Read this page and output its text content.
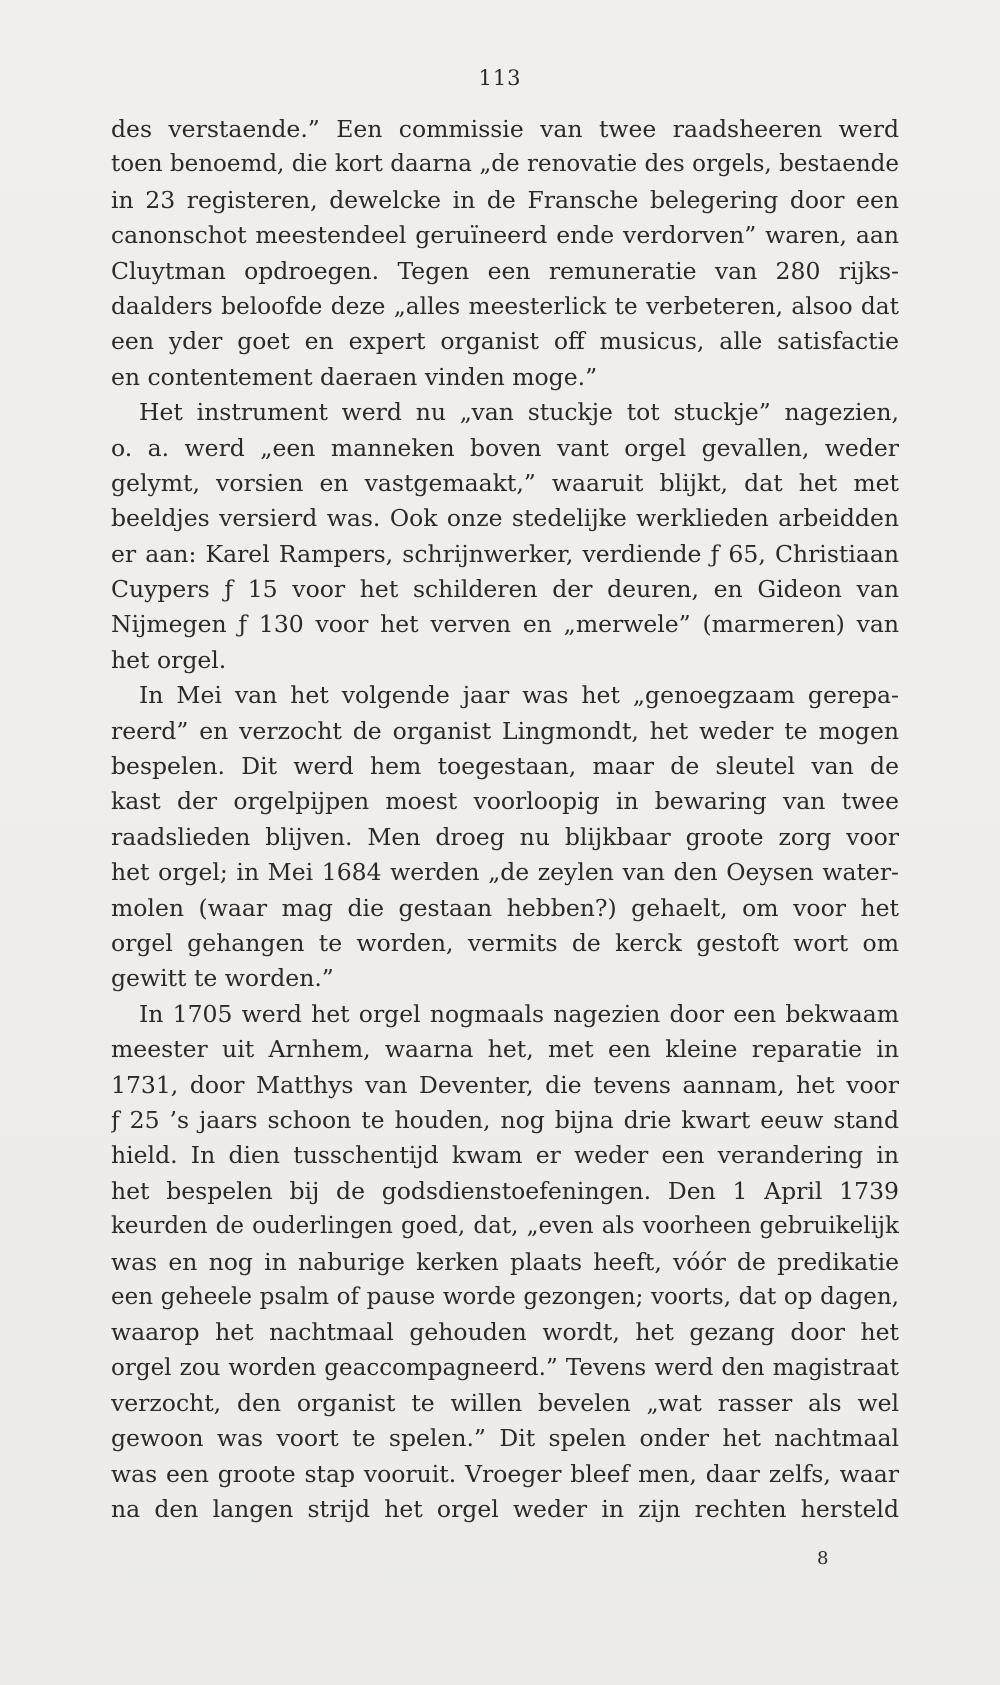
113
des verstaende.” Een commissie van twee raadsheeren werd
toen benoemd, die kort daarna „de renovatie des orgels, bestaende
in 23 registeren, dewelcke in de Fransche belegering door een
canonschot meestendeel geruïneerd ende verdorven” waren, aan
Cluytman opdroegen. Tegen een remuneratie van 280 rijks-
daalders beloofde deze „alles meesterlick te verbeteren, alsoo dat
een yder goet en expert organist off musicus, alle satisfactie
en contentement daeraen vinden moge.”
Het instrument werd nu „van stuckje tot stuckje” nagezien,
o. a. werd „een manneken boven vant orgel gevallen, weder
gelymt, vorsien en vastgemaakt,” waaruit blijkt, dat het met
beeldjes versierd was. Ook onze stedelijke werklieden arbeidden
er aan: Karel Rampers, schrijnwerker, verdiende ƒ 65, Christiaan
Cuypers ƒ 15 voor het schilderen der deuren, en Gideon van
Nijmegen ƒ 130 voor het verven en „merwele” (marmeren) van
het orgel.
In Mei van het volgende jaar was het „genoegzaam gerepa-
reerd” en verzocht de organist Lingmondt, het weder te mogen
bespelen. Dit werd hem toegestaan, maar de sleutel van de
kast der orgelpijpen moest voorloopig in bewaring van twee
raadslieden blijven. Men droeg nu blijkbaar groote zorg voor
het orgel; in Mei 1684 werden „de zeylen van den Oeysen water-
molen (waar mag die gestaan hebben?) gehaelt, om voor het
orgel gehangen te worden, vermits de kerck gestoft wort om
gewitt te worden.”
In 1705 werd het orgel nogmaals nagezien door een bekwaam
meester uit Arnhem, waarna het, met een kleine reparatie in
1731, door Matthys van Deventer, die tevens aannam, het voor
ƒ 25 ’s jaars schoon te houden, nog bijna drie kwart eeuw stand
hield. In dien tusschentijd kwam er weder een verandering in
het bespelen bij de godsdienstoefeningen. Den 1 April 1739
keurden de ouderlingen goed, dat, „even als voorheen gebruikelijk
was en nog in naburige kerken plaats heeft, vóór de predikatie
een geheele psalm of pause worde gezongen; voorts, dat op dagen,
waarop het nachtmaal gehouden wordt, het gezang door het
orgel zou worden geaccompagneerd.” Tevens werd den magistraat
verzocht, den organist te willen bevelen „wat rasser als wel
gewoon was voort te spelen.” Dit spelen onder het nachtmaal
was een groote stap vooruit. Vroeger bleef men, daar zelfs, waar
na den langen strijd het orgel weder in zijn rechten hersteld
8
